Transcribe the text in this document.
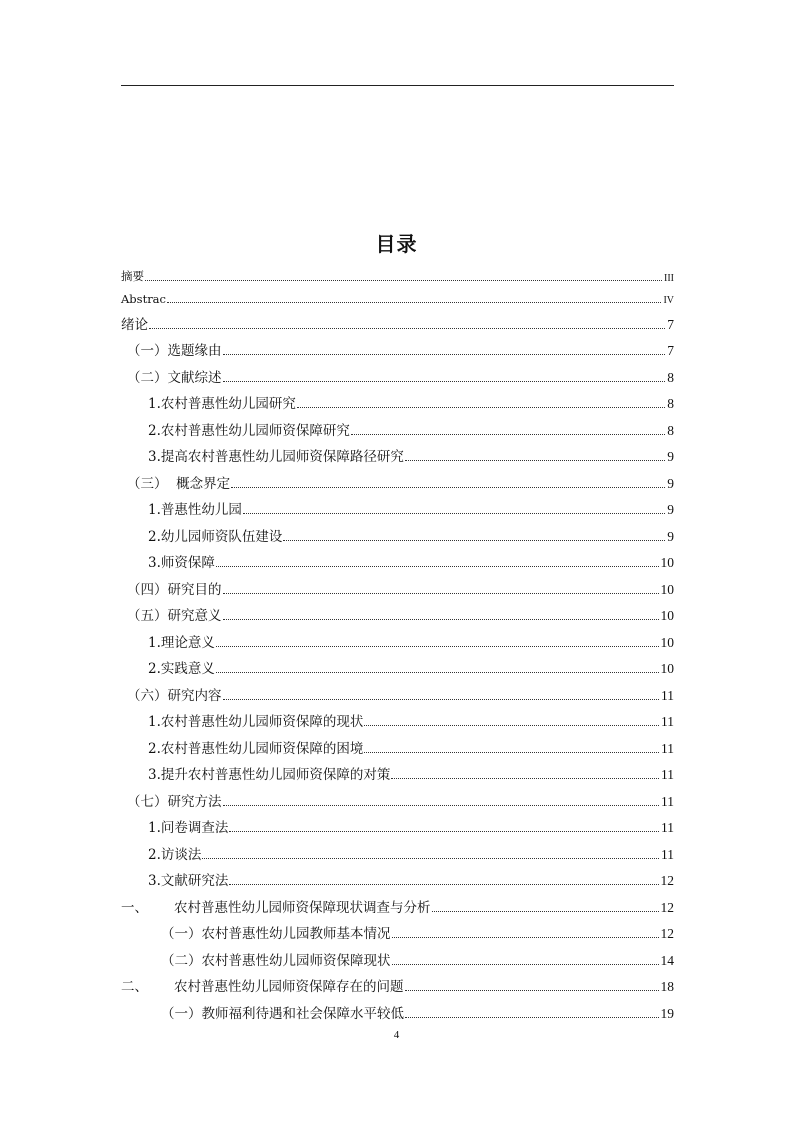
目录
摘要	III
Abstrac	IV
绪论	7
（一）选题缘由	7
（二）文献综述	8
1.农村普惠性幼儿园研究	8
2.农村普惠性幼儿园师资保障研究	8
3.提高农村普惠性幼儿园师资保障路径研究	9
（三）  概念界定	9
1.普惠性幼儿园	9
2.幼儿园师资队伍建设	9
3.师资保障	10
（四）研究目的	10
（五）研究意义	10
1.理论意义	10
2.实践意义	10
（六）研究内容	11
1.农村普惠性幼儿园师资保障的现状	11
2.农村普惠性幼儿园师资保障的困境	11
3.提升农村普惠性幼儿园师资保障的对策	11
（七）研究方法	11
1.问卷调查法	11
2.访谈法	11
3.文献研究法	12
一、 农村普惠性幼儿园师资保障现状调查与分析	12
（一）农村普惠性幼儿园教师基本情况	12
（二）农村普惠性幼儿园师资保障现状	14
二、 农村普惠性幼儿园师资保障存在的问题	18
（一）教师福利待遇和社会保障水平较低	19
4
